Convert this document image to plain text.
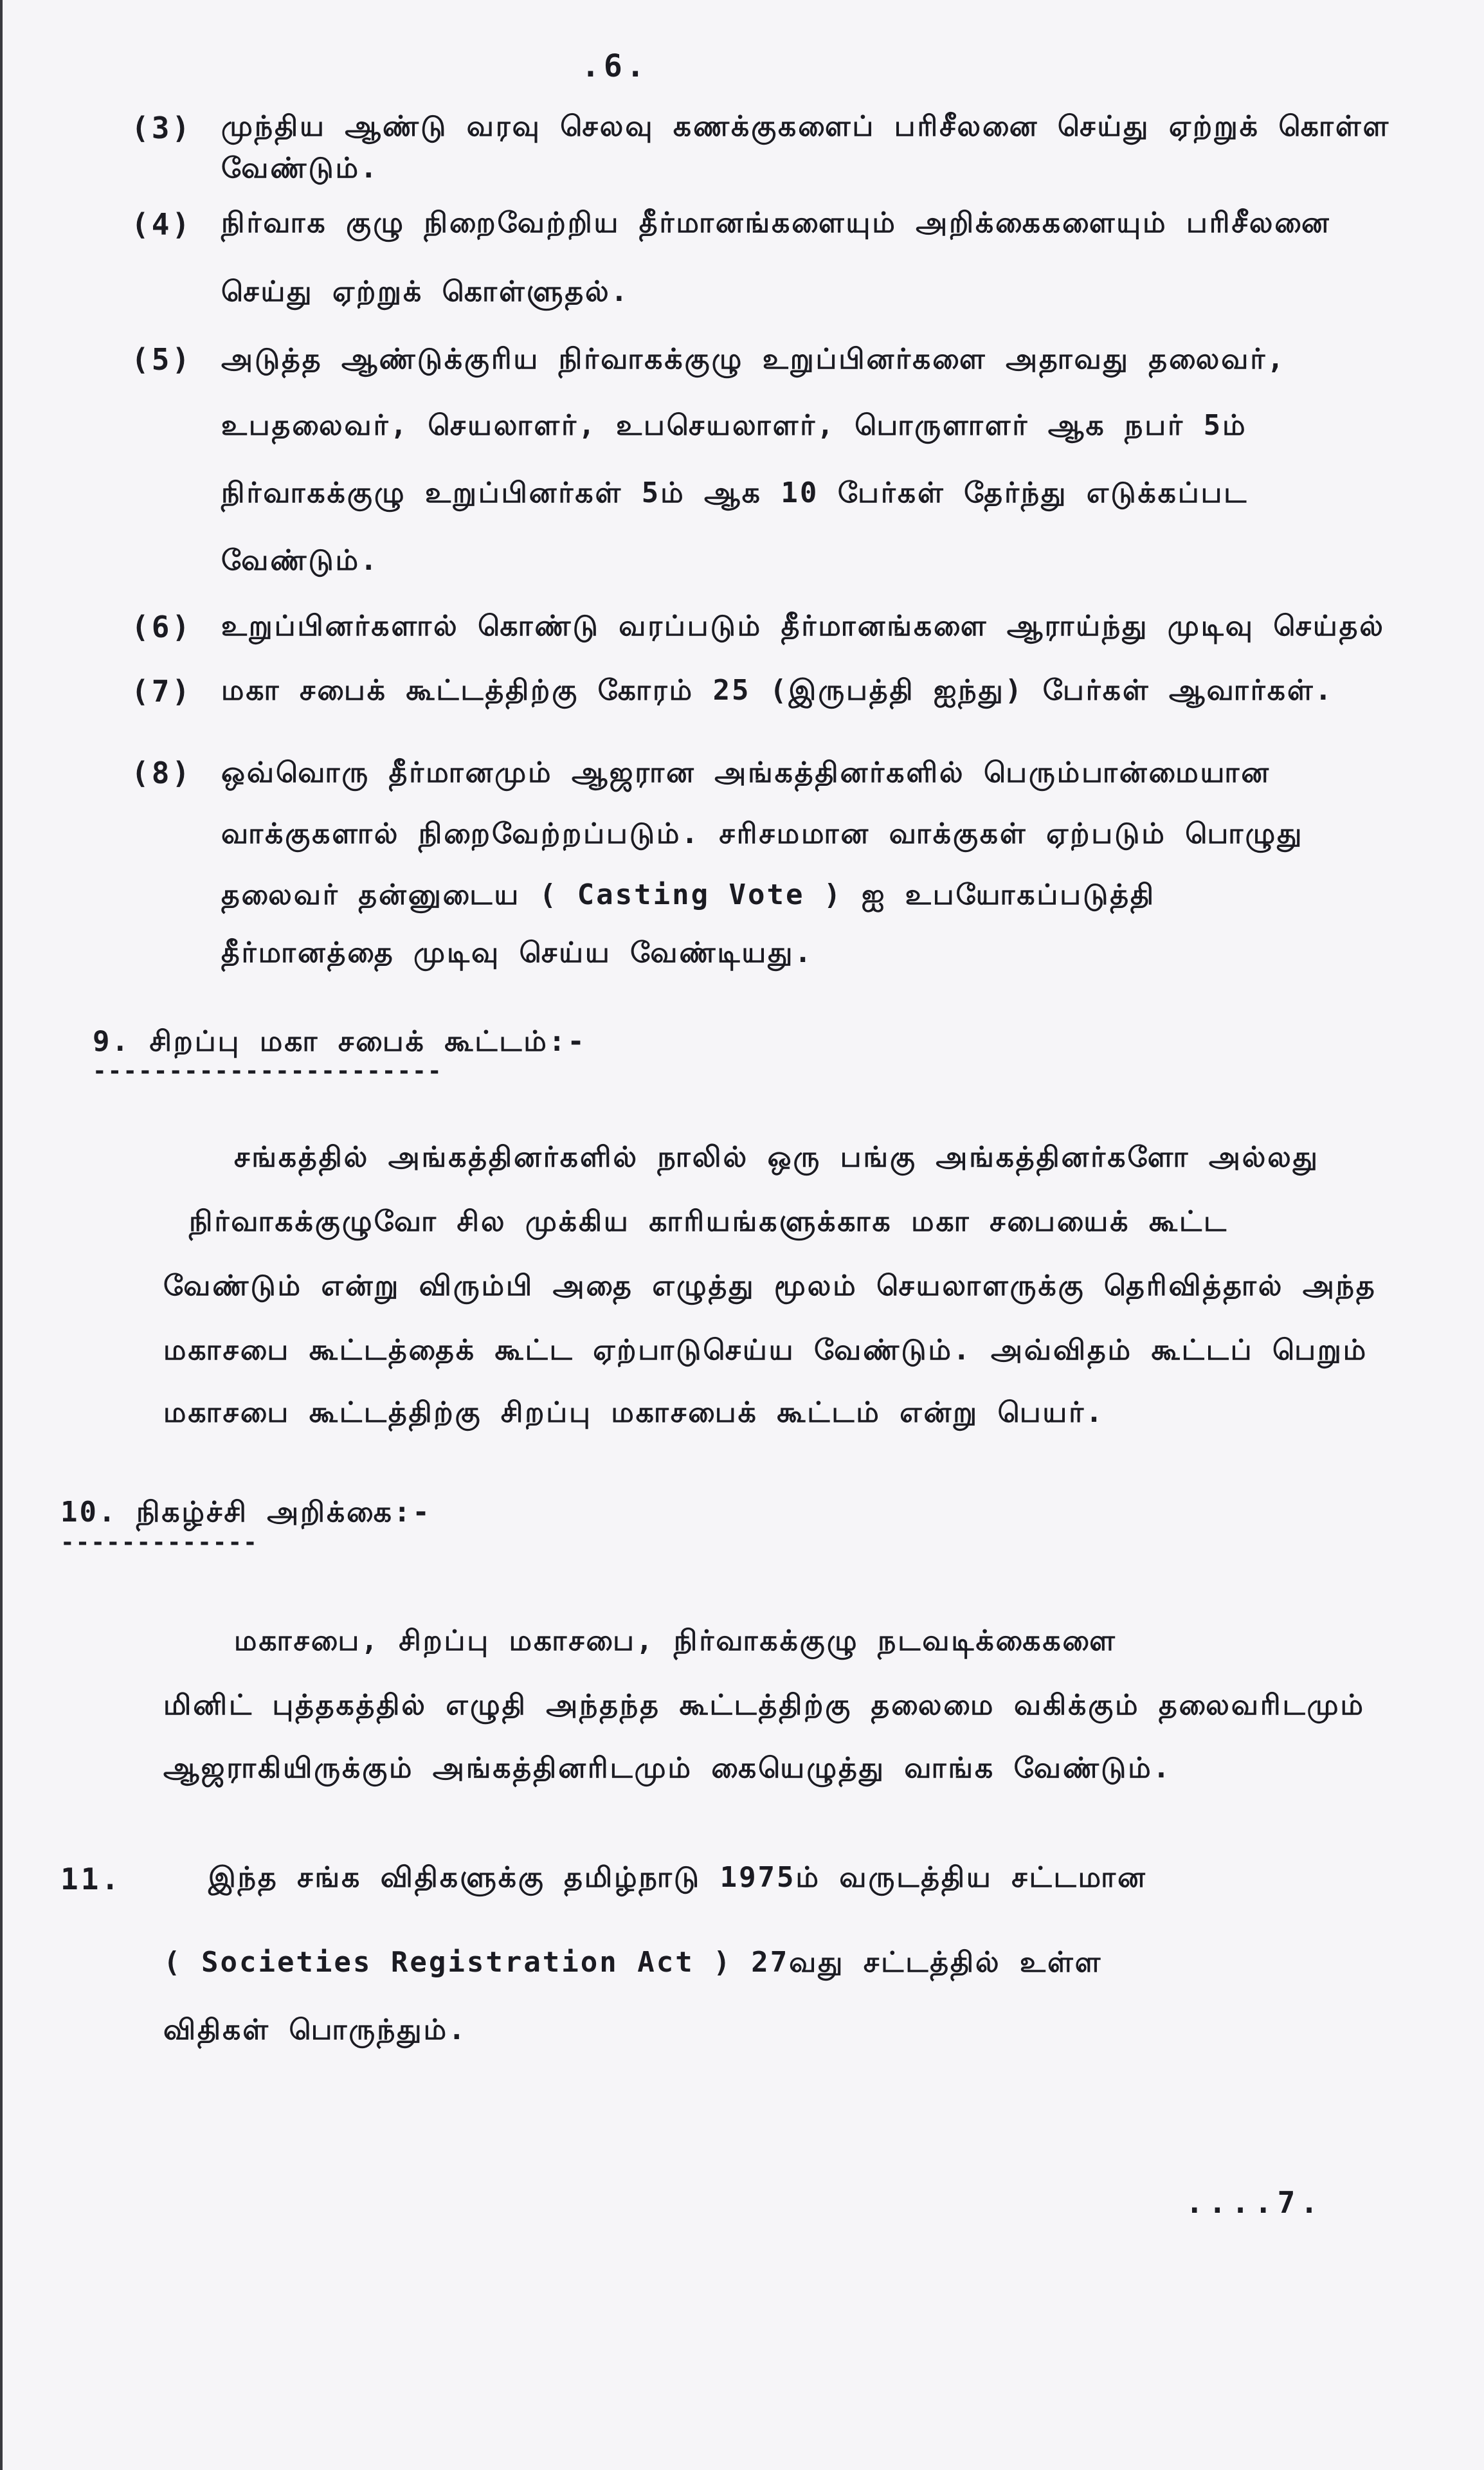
.6.
(3) முந்திய ஆண்டு வரவு செலவு கணக்குகளைப் பரிசீலனை செய்து ஏற்றுக் கொள்ள
வேண்டும்.
(4) நிர்வாக குழு நிறைவேற்றிய தீர்மானங்களையும் அறிக்கைகளையும் பரிசீலனை
செய்து ஏற்றுக் கொள்ளுதல்.
(5) அடுத்த ஆண்டுக்குரிய நிர்வாகக்குழு உறுப்பினர்களை அதாவது தலைவர்,
உபதலைவர், செயலாளர், உபசெயலாளர், பொருளாளர் ஆக நபர் 5ம்
நிர்வாகக்குழு உறுப்பினர்கள் 5ம் ஆக 10 பேர்கள் தேர்ந்து எடுக்கப்பட
வேண்டும்.
(6) உறுப்பினர்களால் கொண்டு வரப்படும் தீர்மானங்களை ஆராய்ந்து முடிவு செய்தல்
(7) மகா சபைக் கூட்டத்திற்கு கோரம் 25 (இருபத்தி ஐந்து) பேர்கள் ஆவார்கள்.
(8) ஒவ்வொரு தீர்மானமும் ஆஜரான அங்கத்தினர்களில் பெரும்பான்மையான
வாக்குகளால் நிறைவேற்றப்படும். சரிசமமான வாக்குகள் ஏற்படும் பொழுது
தலைவர் தன்னுடைய ( Casting Vote ) ஐ உபயோகப்படுத்தி
தீர்மானத்தை முடிவு செய்ய வேண்டியது.
9. சிறப்பு மகா சபைக் கூட்டம்:-
-----------------------
சங்கத்தில் அங்கத்தினர்களில் நாலில் ஒரு பங்கு அங்கத்தினர்களோ அல்லது
நிர்வாகக்குழுவோ சில முக்கிய காரியங்களுக்காக மகா சபையைக் கூட்ட
வேண்டும் என்று விரும்பி அதை எழுத்து மூலம் செயலாளருக்கு தெரிவித்தால் அந்த
மகாசபை கூட்டத்தைக் கூட்ட ஏற்பாடுசெய்ய வேண்டும். அவ்விதம் கூட்டப் பெறும்
மகாசபை கூட்டத்திற்கு சிறப்பு மகாசபைக் கூட்டம் என்று பெயர்.
10. நிகழ்ச்சி அறிக்கை:-
-------------
மகாசபை, சிறப்பு மகாசபை, நிர்வாகக்குழு நடவடிக்கைகளை
மினிட் புத்தகத்தில் எழுதி அந்தந்த கூட்டத்திற்கு தலைமை வகிக்கும் தலைவரிடமும்
ஆஜராகியிருக்கும் அங்கத்தினரிடமும் கையெழுத்து வாங்க வேண்டும்.
11.	இந்த சங்க விதிகளுக்கு தமிழ்நாடு 1975ம் வருடத்திய சட்டமான
( Societies Registration Act ) 27வது சட்டத்தில் உள்ள
விதிகள் பொருந்தும்.
....7.
